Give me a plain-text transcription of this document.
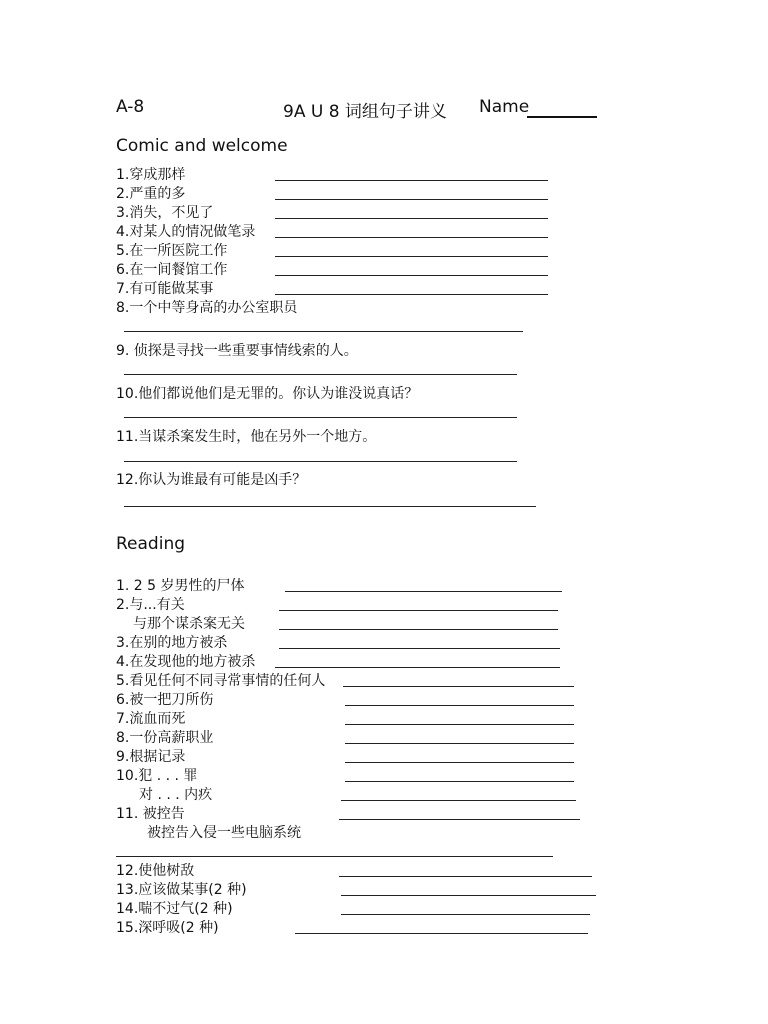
A-8	9A U 8 词组句子讲义 Name
Comic and welcome
1.穿成那样
2.严重的多
3.消失，不见了
4.对某人的情况做笔录
5.在一所医院工作
6.在一间餐馆工作
7.有可能做某事
8.一个中等身高的办公室职员
9. 侦探是寻找一些重要事情线索的人。
10.他们都说他们是无罪的。你认为谁没说真话？
11.当谋杀案发生时，他在另外一个地方。
12.你认为谁最有可能是凶手？
Reading
1. 2 5 岁男性的尸体
2.与...有关
与那个谋杀案无关
3.在别的地方被杀
4.在发现他的地方被杀
5.看见任何不同寻常事情的任何人
6.被一把刀所伤
7.流血而死
8.一份高薪职业
9.根据记录
10.犯 . . . 罪
对 . . . 内疚
11. 被控告
被控告入侵一些电脑系统
12.使他树敌
13.应该做某事(2 种)
14.喘不过气(2 种)
15.深呼吸(2 种)
